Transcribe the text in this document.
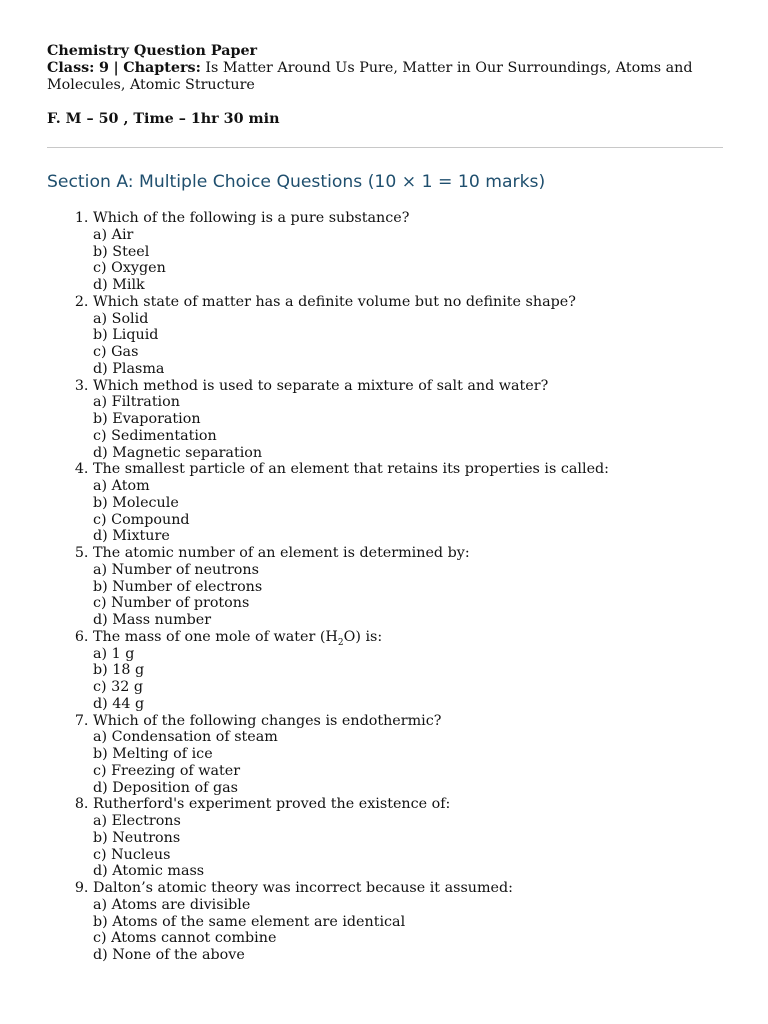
Chemistry Question Paper
Class: 9 | Chapters: Is Matter Around Us Pure, Matter in Our Surroundings, Atoms and Molecules, Atomic Structure
F. M – 50 , Time – 1hr 30 min
Section A: Multiple Choice Questions (10 × 1 = 10 marks)
1. Which of the following is a pure substance?
a) Air
b) Steel
c) Oxygen
d) Milk
2. Which state of matter has a definite volume but no definite shape?
a) Solid
b) Liquid
c) Gas
d) Plasma
3. Which method is used to separate a mixture of salt and water?
a) Filtration
b) Evaporation
c) Sedimentation
d) Magnetic separation
4. The smallest particle of an element that retains its properties is called:
a) Atom
b) Molecule
c) Compound
d) Mixture
5. The atomic number of an element is determined by:
a) Number of neutrons
b) Number of electrons
c) Number of protons
d) Mass number
6. The mass of one mole of water $(H_2O)$ is:
a) 1 g
b) 18 g
c) 32 g
d) 44 g
7. Which of the following changes is endothermic?
a) Condensation of steam
b) Melting of ice
c) Freezing of water
d) Deposition of gas
8. Rutherford's experiment proved the existence of:
a) Electrons
b) Neutrons
c) Nucleus
d) Atomic mass
9. Dalton’s atomic theory was incorrect because it assumed:
a) Atoms are divisible
b) Atoms of the same element are identical
c) Atoms cannot combine
d) None of the above
